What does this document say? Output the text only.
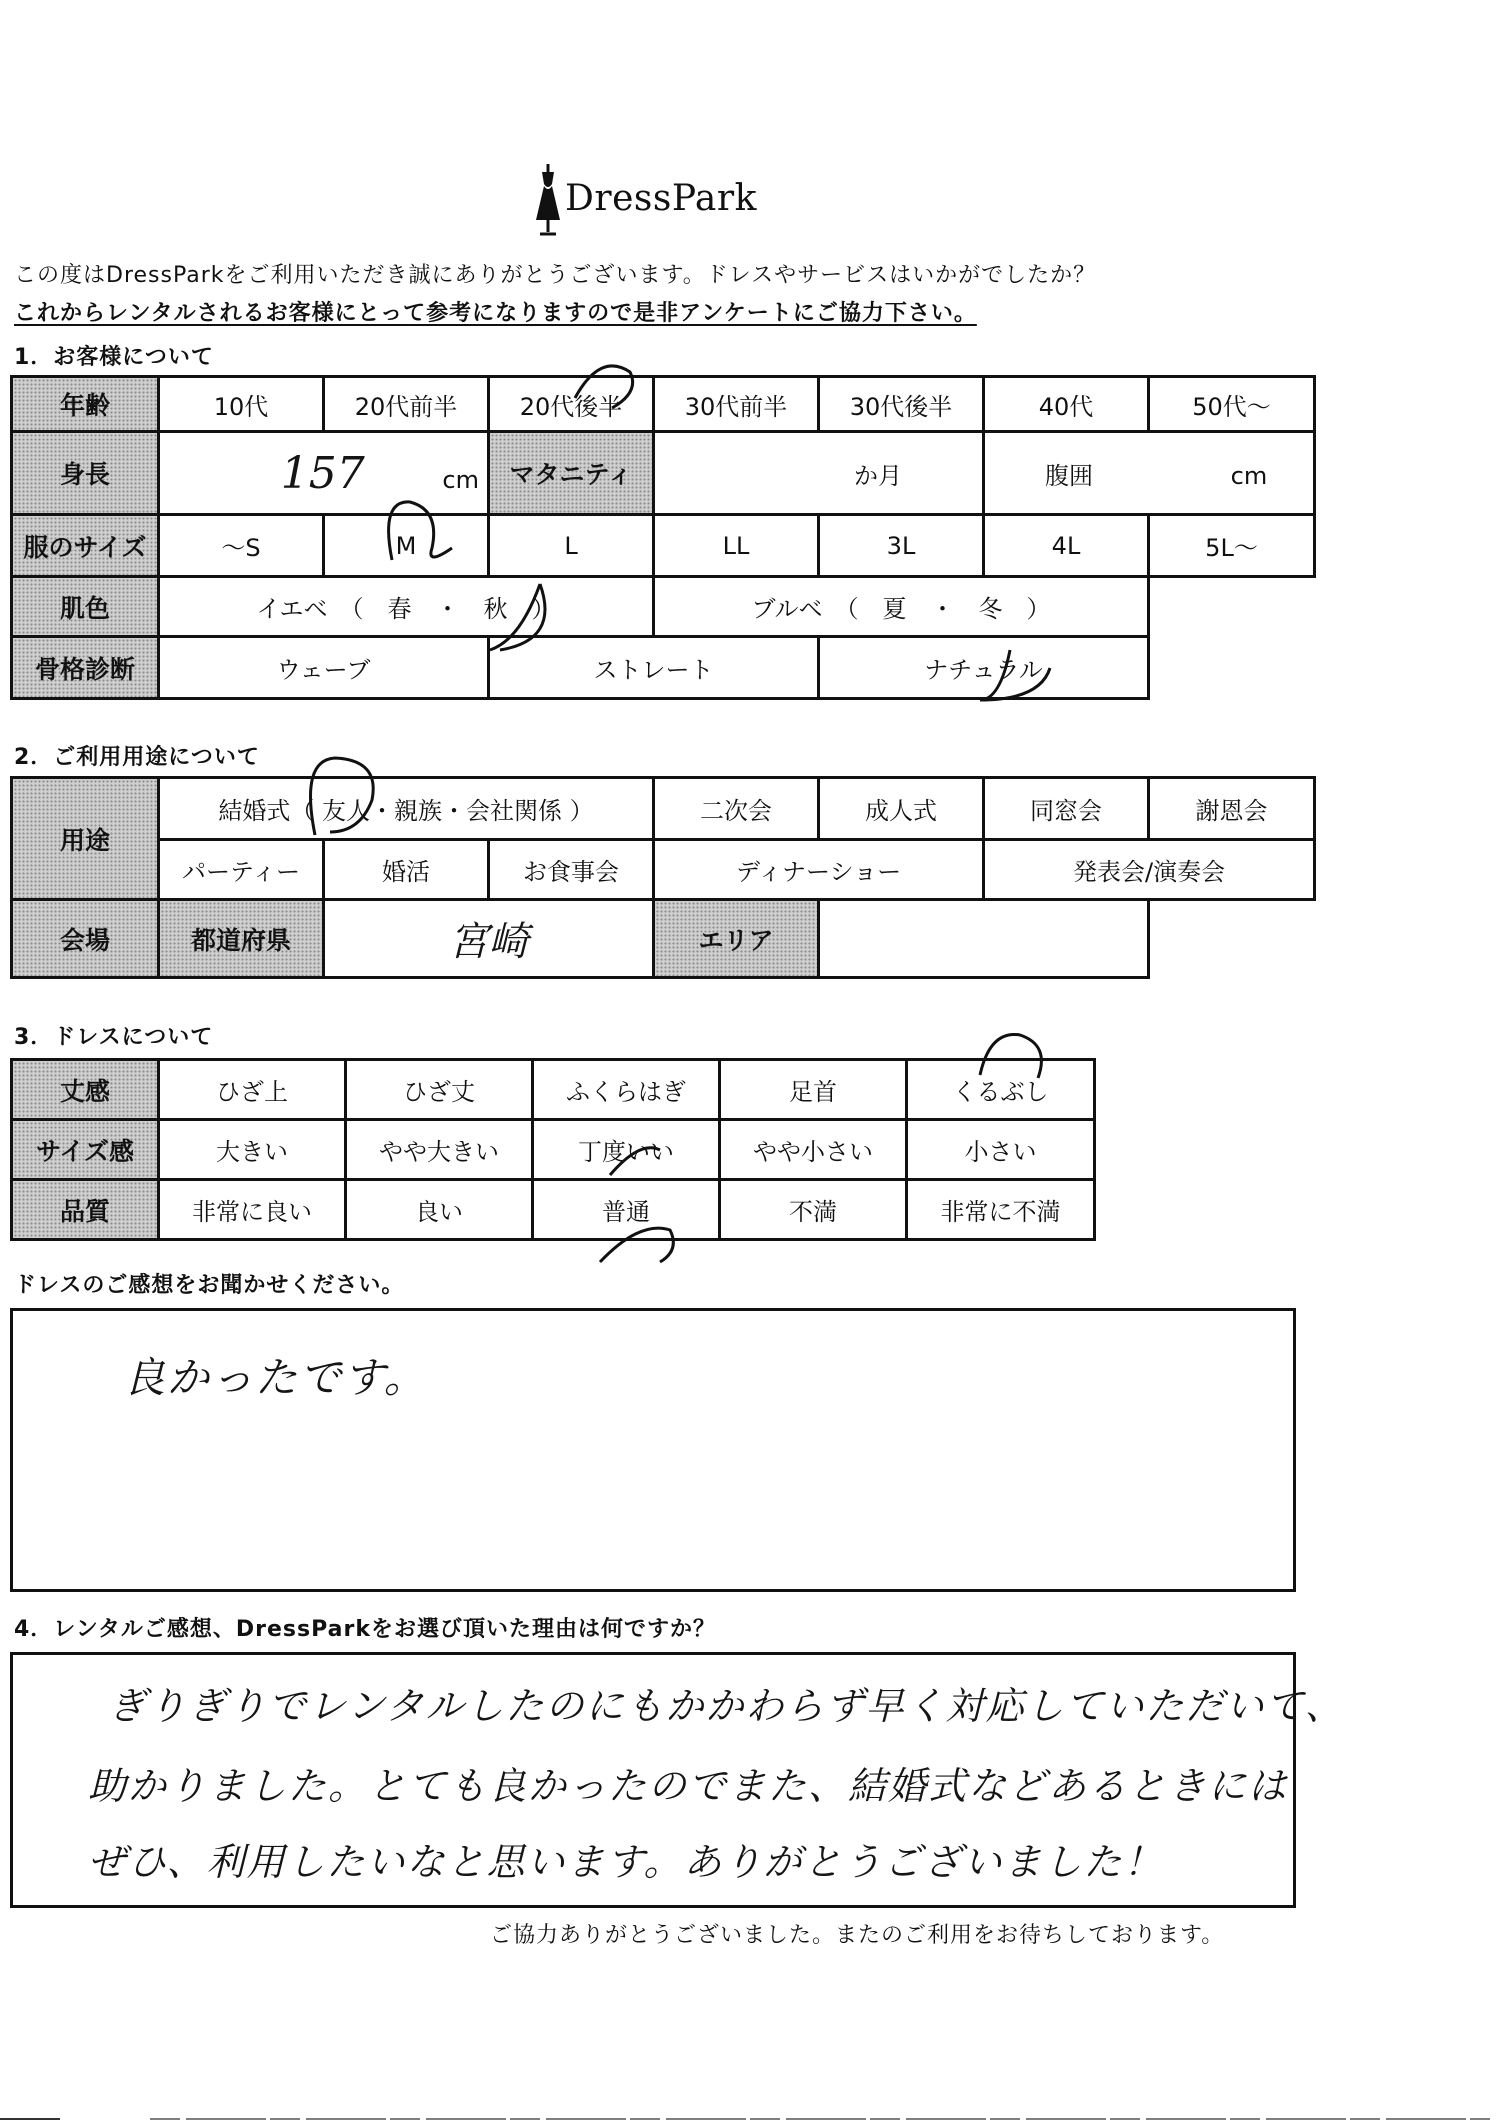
DressPark
この度はDressParkをご利用いただき誠にありがとうございます。ドレスやサービスはいかがでしたか？
これからレンタルされるお客様にとって参考になりますので是非アンケートにご協力下さい。
1．お客様について
年齢	10代	20代前半	20代後半	30代前半	30代後半	40代	50代～
身長	157 cm		マタニティ	か月		腹囲 cm	
服のサイズ	～S	M	L	LL	3L	4L	5L～
肌色	イエベ　（　春　・　秋　）			ブルベ　（　夏　・　冬　）			
骨格診断	ウェーブ		ストレート		ナチュラル		
2．ご利用用途について
用途	結婚式（ 友人・親族・会社関係 ）			二次会	成人式	同窓会	謝恩会
	パーティー	婚活	お食事会	ディナーショー		発表会/演奏会	
会場	都道府県	宮崎		エリア			
3．ドレスについて
丈感	ひざ上	ひざ丈	ふくらはぎ	足首	くるぶし
サイズ感	大きい	やや大きい	丁度いい	やや小さい	小さい
品質	非常に良い	良い	普通	不満	非常に不満
ドレスのご感想をお聞かせください。
良かったです。
4．レンタルご感想、DressParkをお選び頂いた理由は何ですか？
ぎりぎりでレンタルしたのにもかかわらず早く対応していただいて、
助かりました。とても良かったのでまた、結婚式などあるときには
ぜひ、利用したいなと思います。ありがとうございました！
ご協力ありがとうございました。またのご利用をお待ちしております。
